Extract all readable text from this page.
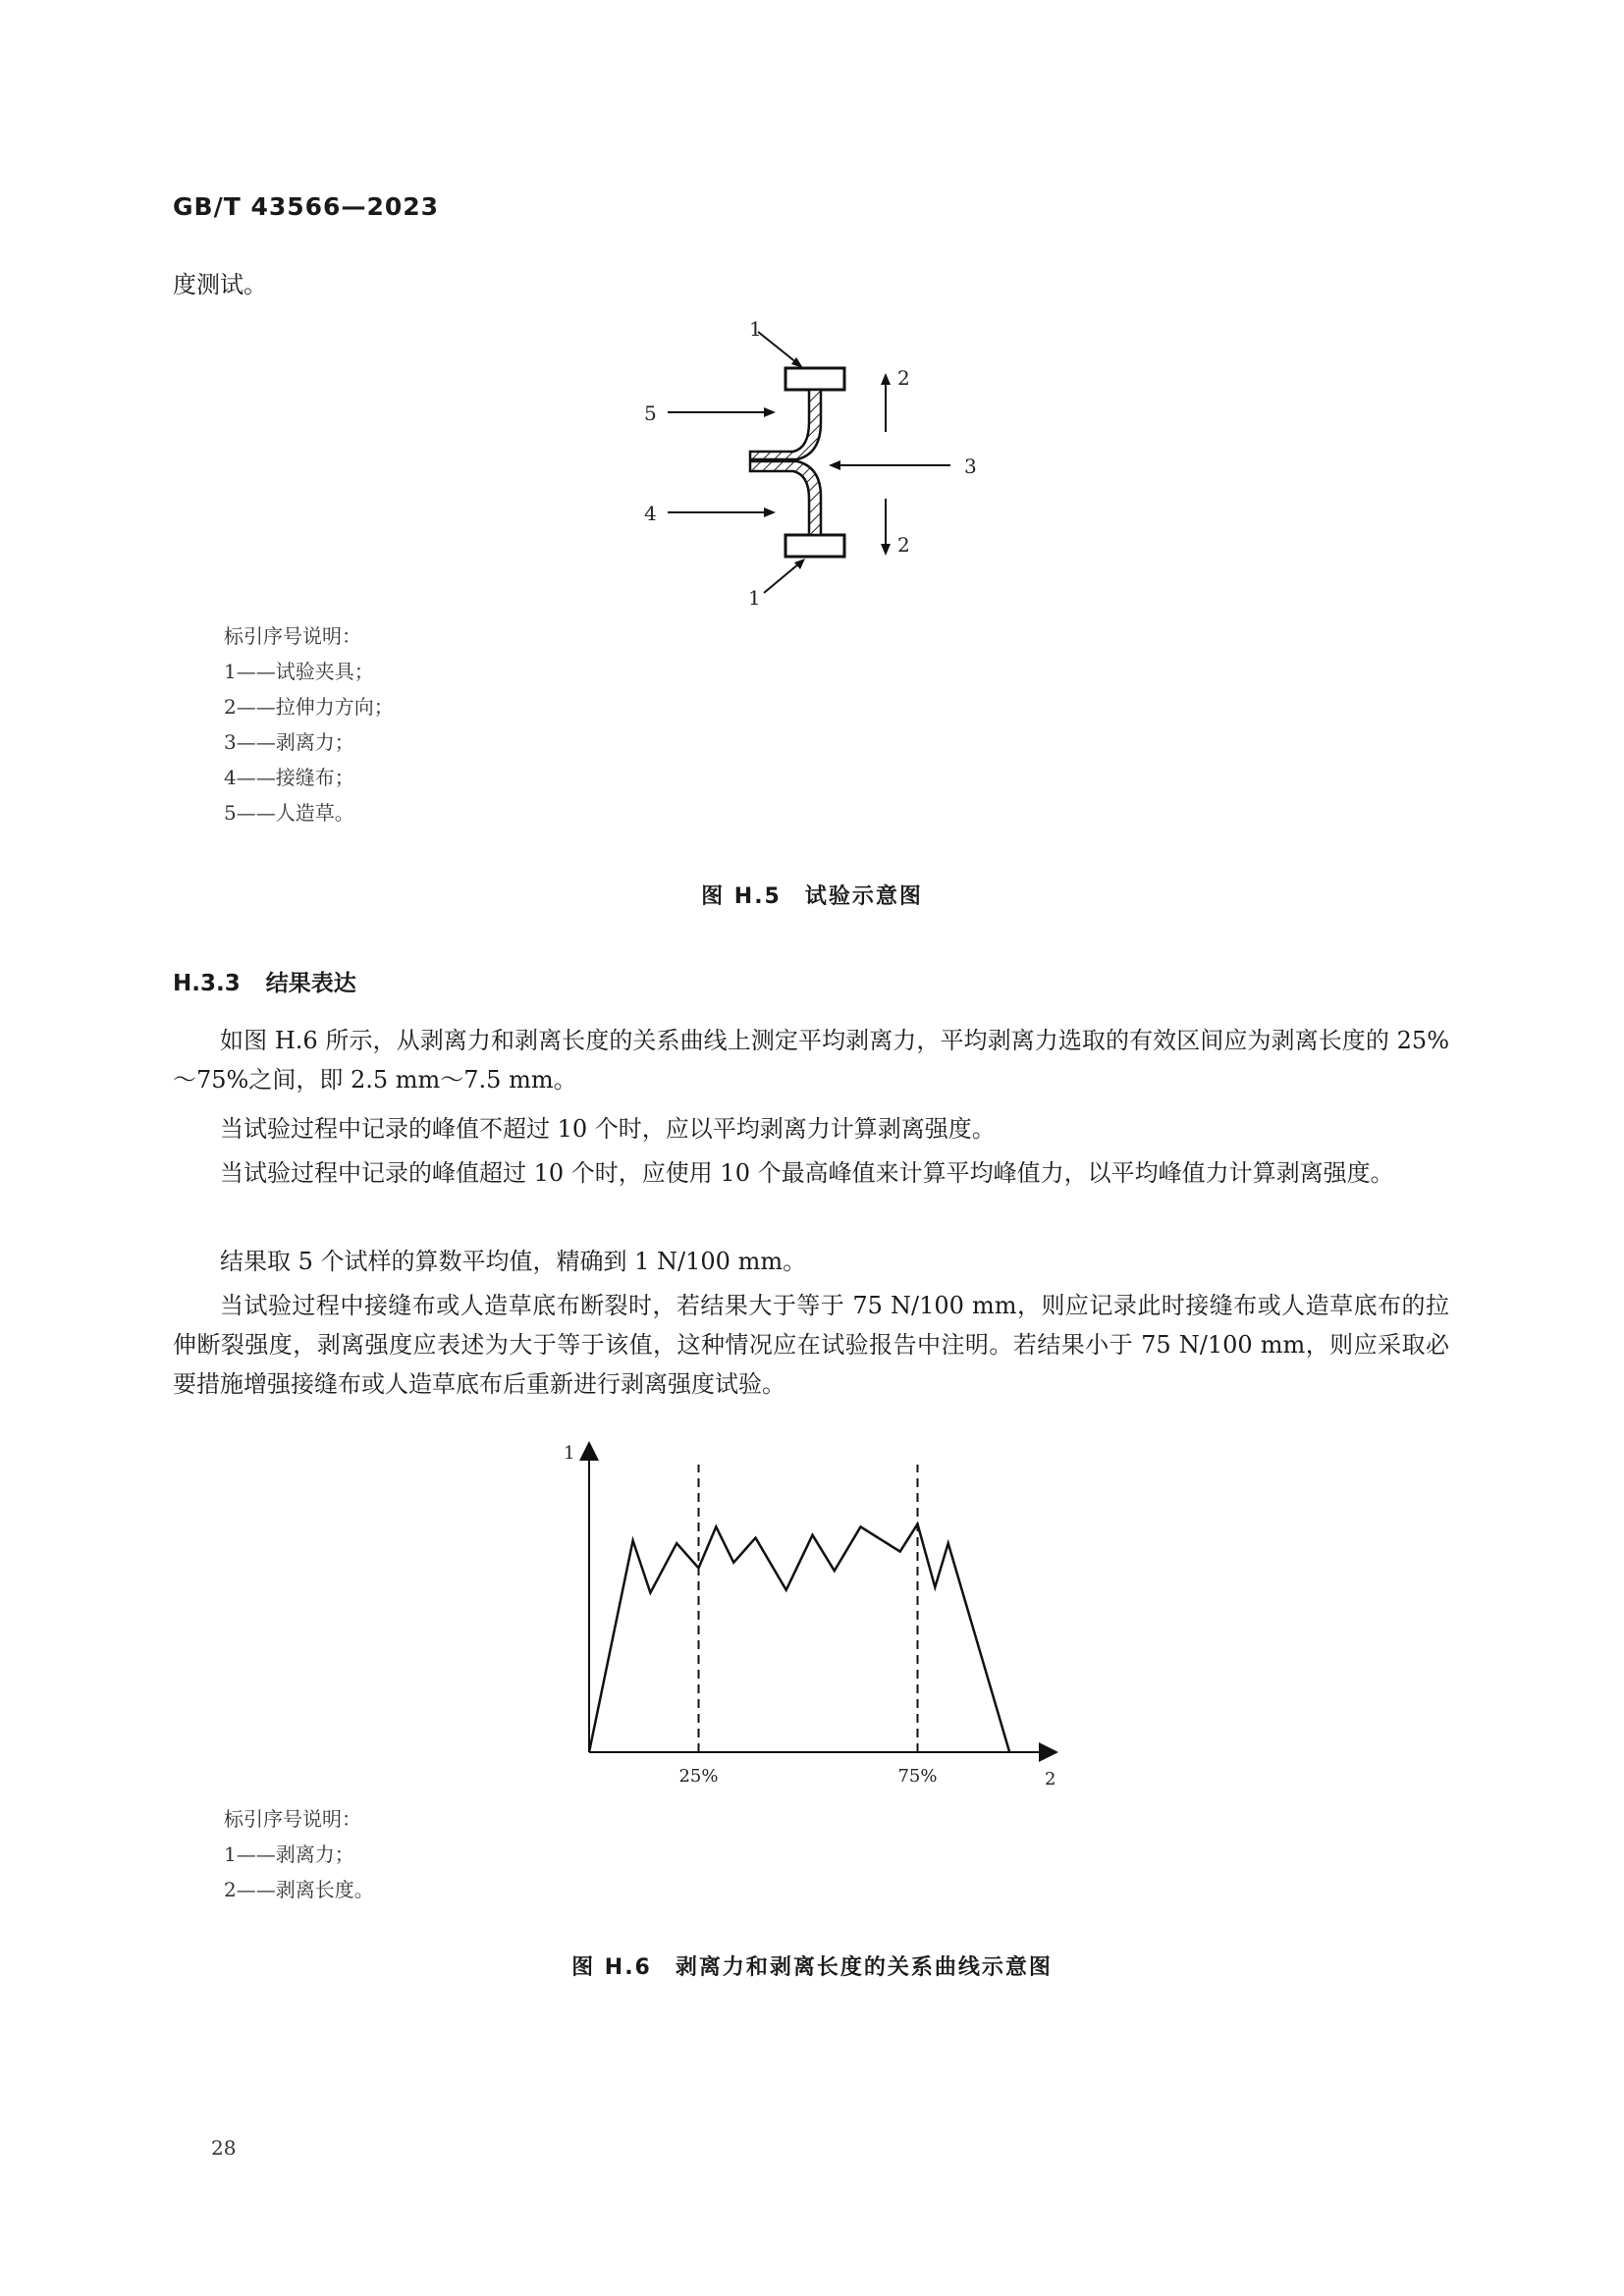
GB/T 43566—2023
度测试。
1
2
5
3
4
2
1
标引序号说明：
1——试验夹具；
2——拉伸力方向；
3——剥离力；
4——接缝布；
5——人造草。
图 H.5　试验示意图
H.3.3 结果表达
如图 H.6 所示，从剥离力和剥离长度的关系曲线上测定平均剥离力，平均剥离力选取的有效区间应为剥离长度的 25%～75%之间，即 2.5 mm～7.5 mm。
当试验过程中记录的峰值不超过 10 个时，应以平均剥离力计算剥离强度。
当试验过程中记录的峰值超过 10 个时，应使用 10 个最高峰值来计算平均峰值力，以平均峰值力计算剥离强度。
结果取 5 个试样的算数平均值，精确到 1 N/100 mm。
当试验过程中接缝布或人造草底布断裂时，若结果大于等于 75 N/100 mm，则应记录此时接缝布或人造草底布的拉伸断裂强度，剥离强度应表述为大于等于该值，这种情况应在试验报告中注明。若结果小于 75 N/100 mm，则应采取必要措施增强接缝布或人造草底布后重新进行剥离强度试验。
1
2
25%	75%
标引序号说明：
1——剥离力；
2——剥离长度。
图 H.6　剥离力和剥离长度的关系曲线示意图
28
